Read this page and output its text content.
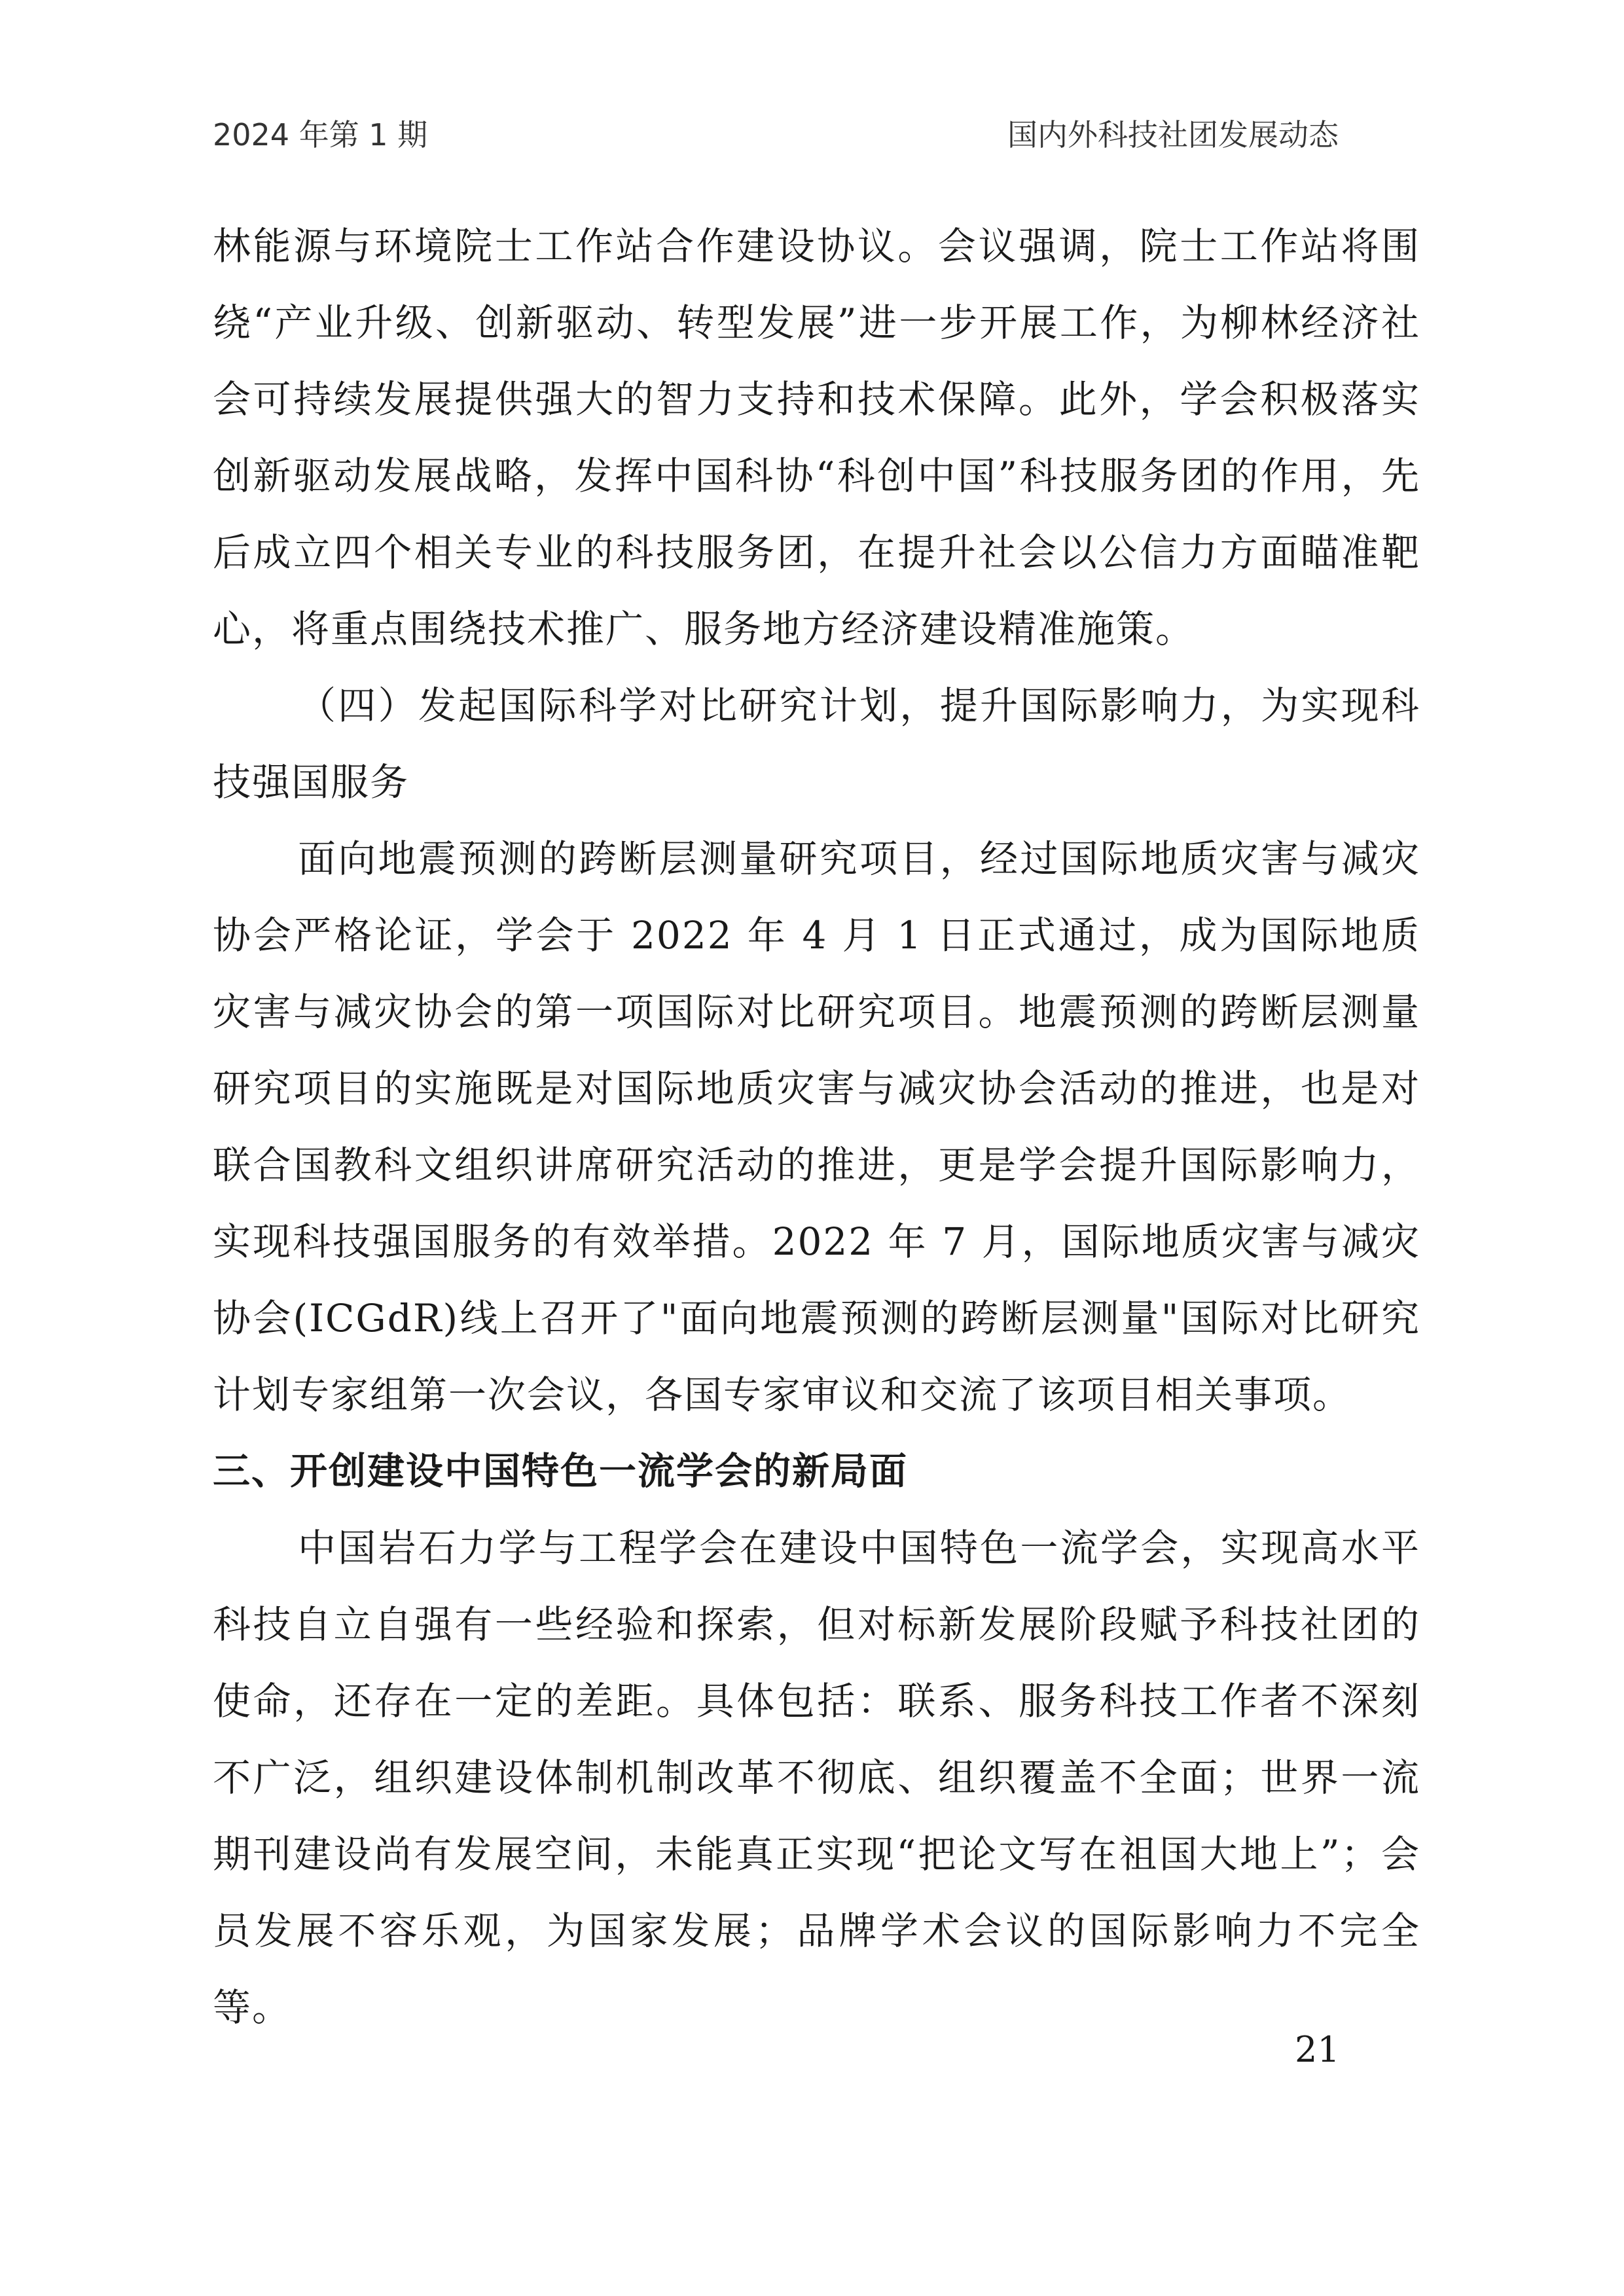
2024 年第 1 期	国内外科技社团发展动态

林能源与环境院士工作站合作建设协议。会议强调，院士工作站将围绕“产业升级、创新驱动、转型发展”进一步开展工作，为柳林经济社会可持续发展提供强大的智力支持和技术保障。此外，学会积极落实创新驱动发展战略，发挥中国科协“科创中国”科技服务团的作用，先后成立四个相关专业的科技服务团，在提升社会以公信力方面瞄准靶心，将重点围绕技术推广、服务地方经济建设精准施策。

（四）发起国际科学对比研究计划，提升国际影响力，为实现科技强国服务

面向地震预测的跨断层测量研究项目，经过国际地质灾害与减灾协会严格论证，学会于 2022 年 4 月 1 日正式通过，成为国际地质灾害与减灾协会的第一项国际对比研究项目。地震预测的跨断层测量研究项目的实施既是对国际地质灾害与减灾协会活动的推进，也是对联合国教科文组织讲席研究活动的推进，更是学会提升国际影响力，实现科技强国服务的有效举措。2022 年 7 月，国际地质灾害与减灾协会(ICGdR)线上召开了"面向地震预测的跨断层测量"国际对比研究计划专家组第一次会议，各国专家审议和交流了该项目相关事项。

三、开创建设中国特色一流学会的新局面

中国岩石力学与工程学会在建设中国特色一流学会，实现高水平科技自立自强有一些经验和探索，但对标新发展阶段赋予科技社团的使命，还存在一定的差距。具体包括：联系、服务科技工作者不深刻不广泛，组织建设体制机制改革不彻底、组织覆盖不全面；世界一流期刊建设尚有发展空间，未能真正实现“把论文写在祖国大地上”；会员发展不容乐观，为国家发展；品牌学术会议的国际影响力不完全等。

21
